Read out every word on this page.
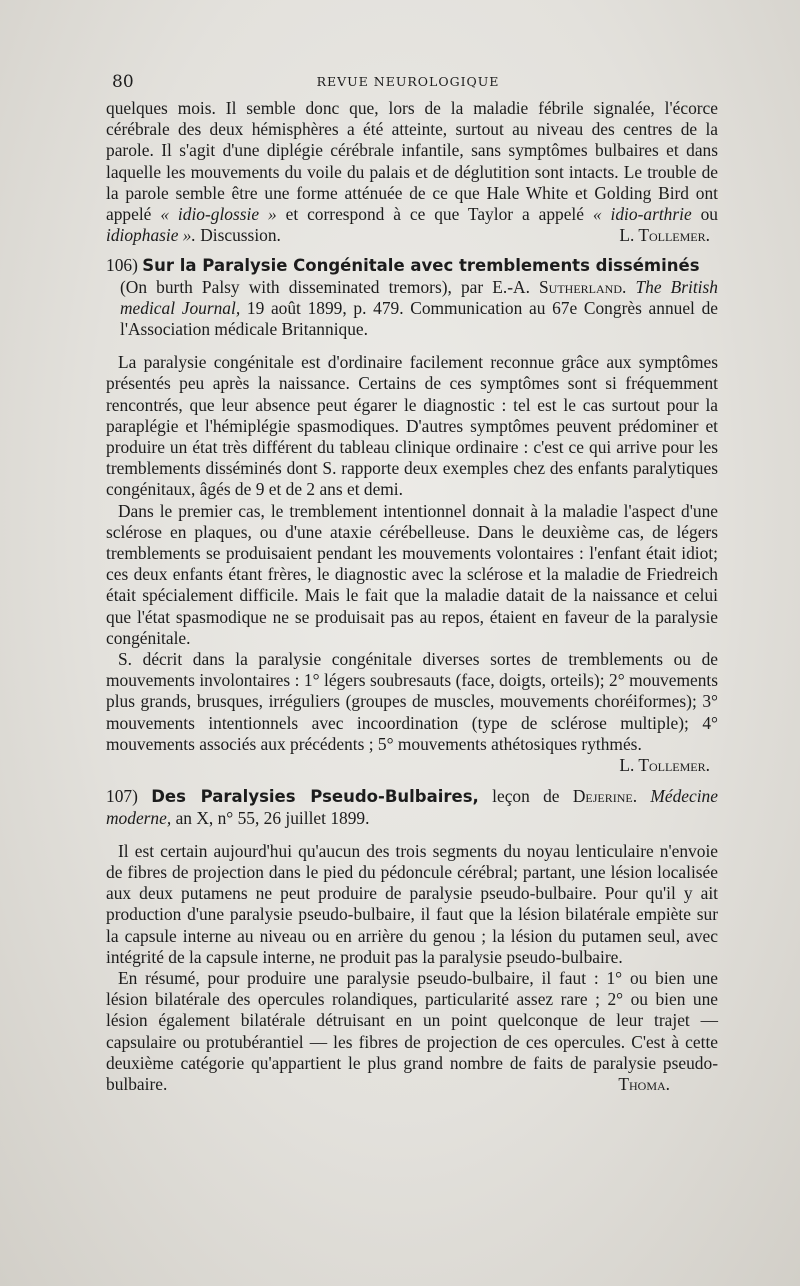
80	REVUE NEUROLOGIQUE

quelques mois. Il semble donc que, lors de la maladie fébrile signalée, l'écorce cérébrale des deux hémisphères a été atteinte, surtout au niveau des centres de la parole. Il s'agit d'une diplégie cérébrale infantile, sans symptômes bulbaires et dans laquelle les mouvements du voile du palais et de déglutition sont intacts. Le trouble de la parole semble être une forme atténuée de ce que Hale White et Golding Bird ont appelé « idio-glossie » et correspond à ce que Taylor a appelé « idio-arthrie ou idiophasie ». Discussion.	L. Tollemer.

106) Sur la Paralysie Congénitale avec tremblements disséminés

(On burth Palsy with disseminated tremors), par E.-A. Sutherland. The British medical Journal, 19 août 1899, p. 479. Communication au 67e Congrès annuel de l'Association médicale Britannique.

La paralysie congénitale est d'ordinaire facilement reconnue grâce aux symptômes présentés peu après la naissance. Certains de ces symptômes sont si fréquemment rencontrés, que leur absence peut égarer le diagnostic : tel est le cas surtout pour la paraplégie et l'hémiplégie spasmodiques. D'autres symptômes peuvent prédominer et produire un état très différent du tableau clinique ordinaire : c'est ce qui arrive pour les tremblements disséminés dont S. rapporte deux exemples chez des enfants paralytiques congénitaux, âgés de 9 et de 2 ans et demi.

Dans le premier cas, le tremblement intentionnel donnait à la maladie l'aspect d'une sclérose en plaques, ou d'une ataxie cérébelleuse. Dans le deuxième cas, de légers tremblements se produisaient pendant les mouvements volontaires : l'enfant était idiot; ces deux enfants étant frères, le diagnostic avec la sclérose et la maladie de Friedreich était spécialement difficile. Mais le fait que la maladie datait de la naissance et celui que l'état spasmodique ne se produisait pas au repos, étaient en faveur de la paralysie congénitale.

S. décrit dans la paralysie congénitale diverses sortes de tremblements ou de mouvements involontaires : 1° légers soubresauts (face, doigts, orteils); 2° mouvements plus grands, brusques, irréguliers (groupes de muscles, mouvements choréiformes); 3° mouvements intentionnels avec incoordination (type de sclérose multiple); 4° mouvements associés aux précédents ; 5° mouvements athétosiques rythmés.
L. Tollemer.

107) Des Paralysies Pseudo-Bulbaires, leçon de Dejerine. Médecine moderne, an X, n° 55, 26 juillet 1899.

Il est certain aujourd'hui qu'aucun des trois segments du noyau lenticulaire n'envoie de fibres de projection dans le pied du pédoncule cérébral; partant, une lésion localisée aux deux putamens ne peut produire de paralysie pseudo-bulbaire. Pour qu'il y ait production d'une paralysie pseudo-bulbaire, il faut que la lésion bilatérale empiète sur la capsule interne au niveau ou en arrière du genou ; la lésion du putamen seul, avec intégrité de la capsule interne, ne produit pas la paralysie pseudo-bulbaire.

En résumé, pour produire une paralysie pseudo-bulbaire, il faut : 1° ou bien une lésion bilatérale des opercules rolandiques, particularité assez rare ; 2° ou bien une lésion également bilatérale détruisant en un point quelconque de leur trajet — capsulaire ou protubérantiel — les fibres de projection de ces opercules. C'est à cette deuxième catégorie qu'appartient le plus grand nombre de faits de paralysie pseudo-bulbaire.	Thoma.
